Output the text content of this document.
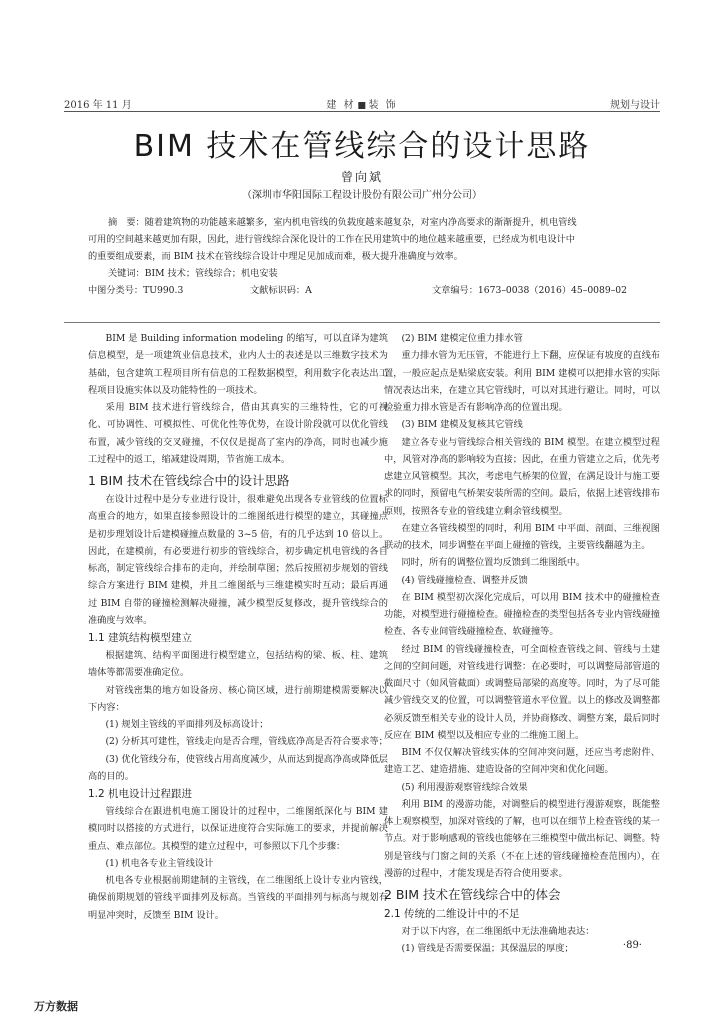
2016 年 11 月	建 材 装 饰	规划与设计
BIM 技术在管线综合的设计思路
曾向斌
（深圳市华阳国际工程设计股份有限公司广州分公司）
摘　要：随着建筑物的功能越来越繁多，室内机电管线的负载度越来越复杂，对室内净高要求的渐渐提升，机电管线
可用的空间越来越更加有限，因此，进行管线综合深化设计的工作在民用建筑中的地位越来越重要，已经成为机电设计中
的重要组成要素，而 BIM 技术在管线综合设计中理足见加成而难，极大提升准确度与效率。
关键词：BIM 技术；管线综合；机电安装
中图分类号：TU990.3	文献标识码：A	文章编号：1673–0038（2016）45–0089–02
BIM 是 Building information modeling 的缩写，可以直译为建筑信息模型，是一项建筑业信息技术，业内人士的表述是以三维数字技术为基础，包含建筑工程项目所有信息的工程数据模型，利用数字化表达出工程项目设施实体以及功能特性的一项技术。
采用 BIM 技术进行管线综合，借由其真实的三维特性，它的可视化、可协调性、可模拟性、可优化性等优势，在设计阶段就可以优化管线布置，减少管线的交叉碰撞，不仅仅是提高了室内的净高，同时也减少施工过程中的返工，缩减建设周期，节省施工成本。
1 BIM 技术在管线综合中的设计思路
在设计过程中是分专业进行设计，很难避免出现各专业管线的位置标高重合的地方，如果直接参照设计的二维图纸进行模型的建立，其碰撞点是初步理划设计后建模碰撞点数量的 3~5 倍，有的几乎达到 10 倍以上。因此，在建模前，有必要进行初步的管线综合，初步确定机电管线的各自标高，制定管线综合排布的走向，并绘制草图；然后按照初步规划的管线综合方案进行 BIM 建模，并且二维图纸与三维建模实时互动；最后再通过 BIM 自带的碰撞检测解决碰撞，减少模型反复修改，提升管线综合的准确度与效率。
1.1 建筑结构模型建立
根据建筑、结构平面图进行模型建立，包括结构的梁、板、柱、建筑墙体等都需要准确定位。
对管线密集的地方如设备房、核心筒区域，进行前期建模需要解决以下内容：
(1) 规划主管线的平面排列及标高设计；
(2) 分析其可建性，管线走向是否合理，管线底净高是否符合要求等；
(3) 优化管线分布，使管线占用高度减少，从而达到提高净高或降低层高的目的。
1.2 机电设计过程跟进
管线综合在跟进机电施工图设计的过程中，二维图纸深化与 BIM 建模同时以搭接的方式进行，以保证进度符合实际施工的要求，并提前解决重点、难点部位。其模型的建立过程中，可参照以下几个步骤：
(1) 机电各专业主管线设计
机电各专业根据前期建制的主管线，在二维图纸上设计专业内管线，确保前期规划的管线平面排列及标高。当管线的平面排列与标高与规划有明显冲突时，反馈至 BIM 设计。
(2) BIM 建模定位重力排水管
重力排水管为无压管，不能进行上下翻，应保证有坡度的直线布置，一般应起点是贴梁底安装。利用 BIM 建模可以把排水管的实际情况表达出来，在建立其它管线时，可以对其进行避让。同时，可以检验重力排水管是否有影响净高的位置出现。
(3) BIM 建模及复核其它管线
建立各专业与管线综合相关管线的 BIM 模型。在建立模型过程中，风管对净高的影响较为直接；因此，在重力管建立之后，优先考虑建立风管模型。其次，考虑电气桥架的位置，在满足设计与施工要求的同时，预留电气桥架安装所需的空间。最后，依据上述管线排布原则，按照各专业的管线建立剩余管线模型。
在建立各管线模型的同时，利用 BIM 中平面、剖面、三维视图联动的技术，同步调整在平面上碰撞的管线，主要管线翻越为主。
同时，所有的调整位置均反馈到二维图纸中。
(4) 管线碰撞检查、调整并反馈
在 BIM 模型初次深化完成后，可以用 BIM 技术中的碰撞检查功能，对模型进行碰撞检查。碰撞检查的类型包括各专业内管线碰撞检查、各专业间管线碰撞检查、软碰撞等。
经过 BIM 的管线碰撞检查，可全面检查管线之间、管线与土建之间的空间问题，对管线进行调整：在必要时，可以调整局部管道的截面尺寸（如风管截面）或调整局部梁的高度等。同时，为了尽可能减少管线交叉的位置，可以调整管道水平位置。以上的修改及调整都必须反馈至相关专业的设计人员，并协商修改、调整方案，最后同时反应在 BIM 模型以及相应专业的二维施工图上。
BIM 不仅仅解决管线实体的空间冲突问题，还应当考虑附件、建造工艺、建造措施、建造设备的空间冲突和优化问题。
(5) 利用漫游观察管线综合效果
利用 BIM 的漫游功能，对调整后的模型进行漫游观察，既能整体上观察模型，加深对管线的了解，也可以在细节上检查管线的某一节点。对于影响感观的管线也能够在三维模型中做出标记、调整。特别是管线与门窗之间的关系（不在上述的管线碰撞检查范围内），在漫游的过程中，才能发现是否符合使用要求。
2 BIM 技术在管线综合中的体会
2.1 传统的二维设计中的不足
对于以下内容，在二维图纸中无法准确地表达：
(1) 管线是否需要保温；其保温层的厚度；	·89·
万方数据
